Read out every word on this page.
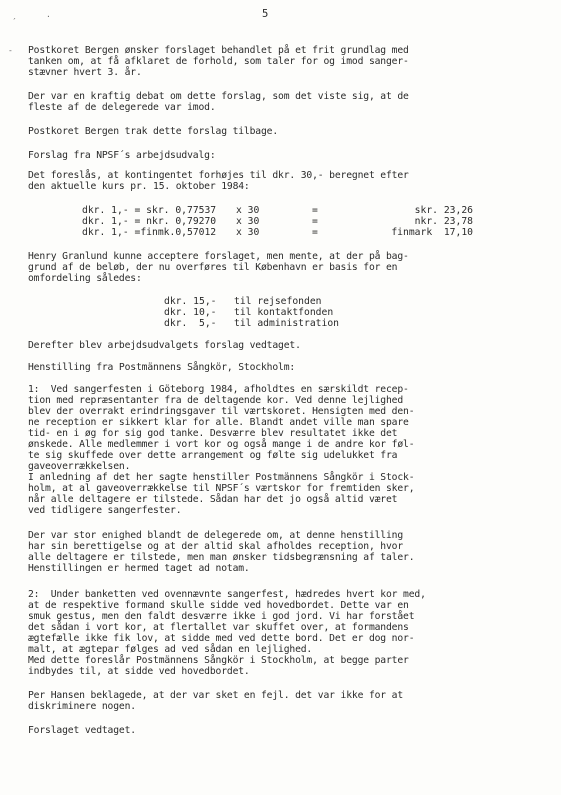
ˏ	·
-
5
Postkoret Bergen ønsker forslaget behandlet på et frit grundlag med
tanken om, at få afklaret de forhold, som taler for og imod sanger-
stævner hvert 3. år.
Der var en kraftig debat om dette forslag, som det viste sig, at de
fleste af de delegerede var imod.
Postkoret Bergen trak dette forslag tilbage.
Forslag fra NPSF´s arbejdsudvalg:
Det foreslås, at kontingentet forhøjes til dkr. 30,- beregnet efter
den aktuelle kurs pr. 15. oktober 1984:
dkr. 1,- = skr. 0,77537 x 30	=	skr. 23,26
dkr. 1,- = nkr. 0,79270 x 30	=	nkr. 23,78
dkr. 1,- =finmk.0,57012 x 30	=	finmark  17,10
Henry Granlund kunne acceptere forslaget, men mente, at der på bag-
grund af de beløb, der nu overføres til København er basis for en
omfordeling således:
dkr. 15,- til rejsefonden
dkr. 10,- til kontaktfonden
dkr.  5,- til administration
Derefter blev arbejdsudvalgets forslag vedtaget.
Henstilling fra Postmännens Sångkör, Stockholm:
1:  Ved sangerfesten i Göteborg 1984, afholdtes en særskildt recep-
tion med repræsentanter fra de deltagende kor. Ved denne lejlighed
blev der overrakt erindringsgaver til værtskoret. Hensigten med den-
ne reception er sikkert klar for alle. Blandt andet ville man spare
tid- en i øg for sig god tanke. Desværre blev resultatet ikke det
ønskede. Alle medlemmer i vort kor og også mange i de andre kor føl-
te sig skuffede over dette arrangement og følte sig udelukket fra
gaveoverrækkelsen.
I anledning af det her sagte henstiller Postmännens Sångkör i Stock-
holm, at al gaveoverrækkelse til NPSF´s værtskor for fremtiden sker,
når alle deltagere er tilstede. Sådan har det jo også altid været
ved tidligere sangerfester.
Der var stor enighed blandt de delegerede om, at denne henstilling
har sin berettigelse og at der altid skal afholdes reception, hvor
alle deltagere er tilstede, men man ønsker tidsbegrænsning af taler.
Henstillingen er hermed taget ad notam.
2:  Under banketten ved ovennævnte sangerfest, hædredes hvert kor med,
at de respektive formand skulle sidde ved hovedbordet. Dette var en
smuk gestus, men den faldt desværre ikke i god jord. Vi har forstået
det sådan i vort kor, at flertallet var skuffet over, at formandens
ægtefælle ikke fik lov, at sidde med ved dette bord. Det er dog nor-
malt, at ægtepar følges ad ved sådan en lejlighed.
Med dette foreslår Postmännens Sångkör i Stockholm, at begge parter
indbydes til, at sidde ved hovedbordet.
Per Hansen beklagede, at der var sket en fejl. det var ikke for at
diskriminere nogen.
Forslaget vedtaget.
